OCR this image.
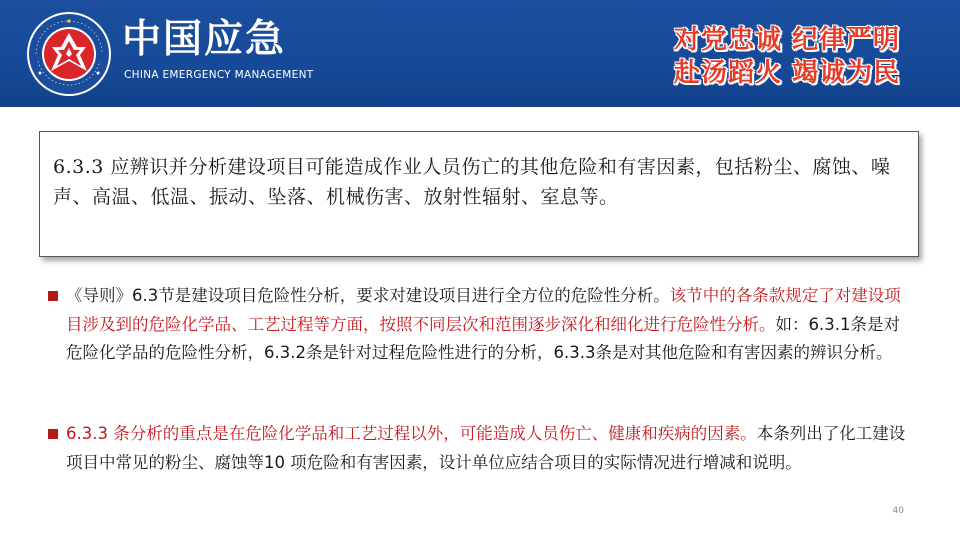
中国应急
CHINA EMERGENCY MANAGEMENT
对党忠诚 纪律严明
赴汤蹈火 竭诚为民
6.3.3 应辨识并分析建设项目可能造成作业人员伤亡的其他危险和有害因素，包括粉尘、腐蚀、噪声、高温、低温、振动、坠落、机械伤害、放射性辐射、室息等。
《导则》6.3节是建设项目危险性分析，要求对建设项目进行全方位的危险性分析。该节中的各条款规定了对建设项目涉及到的危险化学品、工艺过程等方面，按照不同层次和范围逐步深化和细化进行危险性分析。如：6.3.1条是对危险化学品的危险性分析，6.3.2条是针对过程危险性进行的分析，6.3.3条是对其他危险和有害因素的辨识分析。
6.3.3 条分析的重点是在危险化学品和工艺过程以外，可能造成人员伤亡、健康和疾病的因素。本条列出了化工建设项目中常见的粉尘、腐蚀等10 项危险和有害因素，设计单位应结合项目的实际情况进行增减和说明。
40
